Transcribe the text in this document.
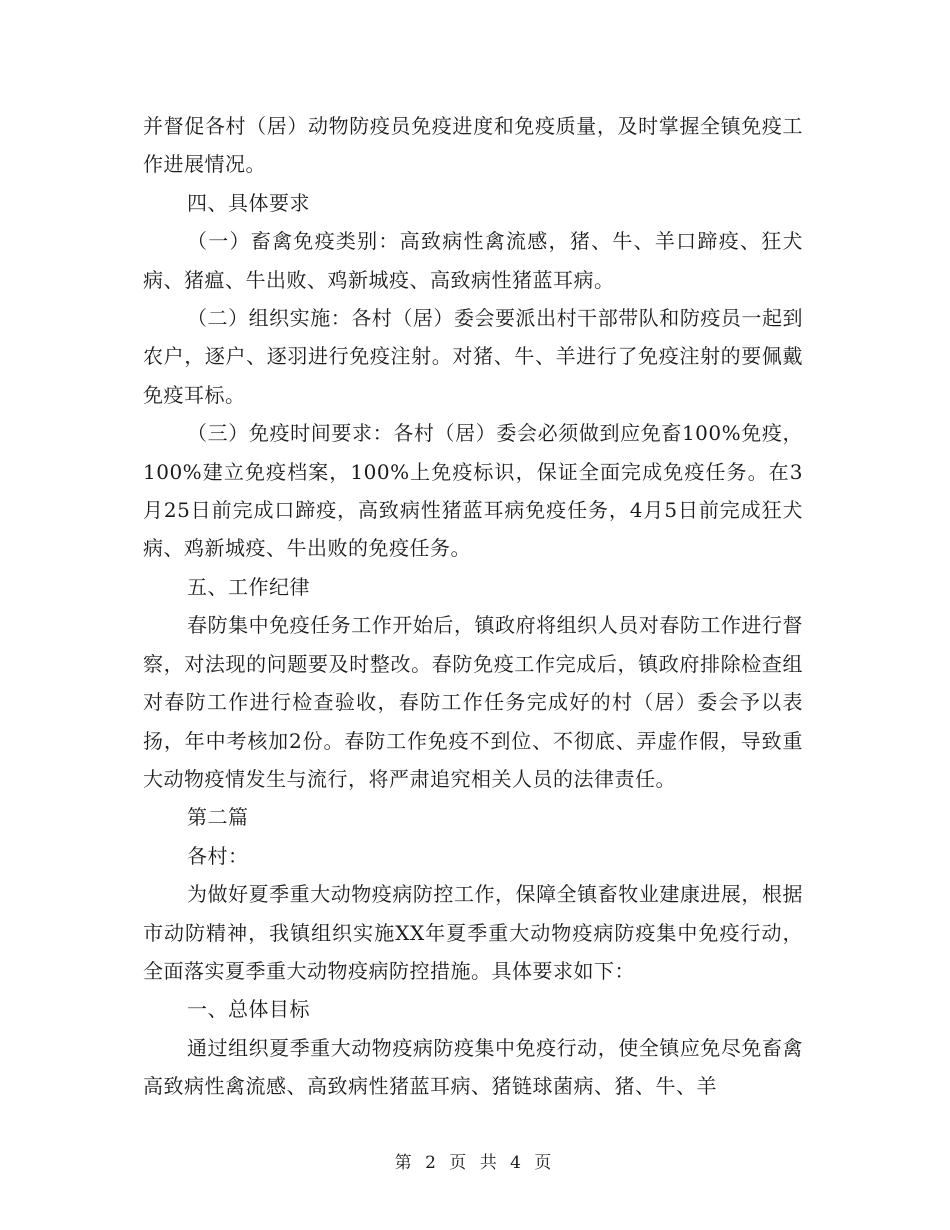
并督促各村（居）动物防疫员免疫进度和免疫质量，及时掌握全镇免疫工作进展情况。

四、具体要求

（一）畜禽免疫类别：高致病性禽流感，猪、牛、羊口蹄疫、狂犬病、猪瘟、牛出败、鸡新城疫、高致病性猪蓝耳病。

（二）组织实施：各村（居）委会要派出村干部带队和防疫员一起到农户，逐户、逐羽进行免疫注射。对猪、牛、羊进行了免疫注射的要佩戴免疫耳标。

（三）免疫时间要求：各村（居）委会必须做到应免畜100%免疫，100%建立免疫档案，100%上免疫标识，保证全面完成免疫任务。在3月25日前完成口蹄疫，高致病性猪蓝耳病免疫任务，4月5日前完成狂犬病、鸡新城疫、牛出败的免疫任务。

五、工作纪律

春防集中免疫任务工作开始后，镇政府将组织人员对春防工作进行督察，对法现的问题要及时整改。春防免疫工作完成后，镇政府排除检查组对春防工作进行检查验收，春防工作任务完成好的村（居）委会予以表扬，年中考核加2份。春防工作免疫不到位、不彻底、弄虚作假，导致重大动物疫情发生与流行，将严肃追究相关人员的法律责任。

第二篇

各村：

为做好夏季重大动物疫病防控工作，保障全镇畜牧业建康进展，根据市动防精神，我镇组织实施XX年夏季重大动物疫病防疫集中免疫行动，全面落实夏季重大动物疫病防控措施。具体要求如下：

一、总体目标

通过组织夏季重大动物疫病防疫集中免疫行动，使全镇应免尽免畜禽高致病性禽流感、高致病性猪蓝耳病、猪链球菌病、猪、牛、羊

第 2 页 共 4 页
